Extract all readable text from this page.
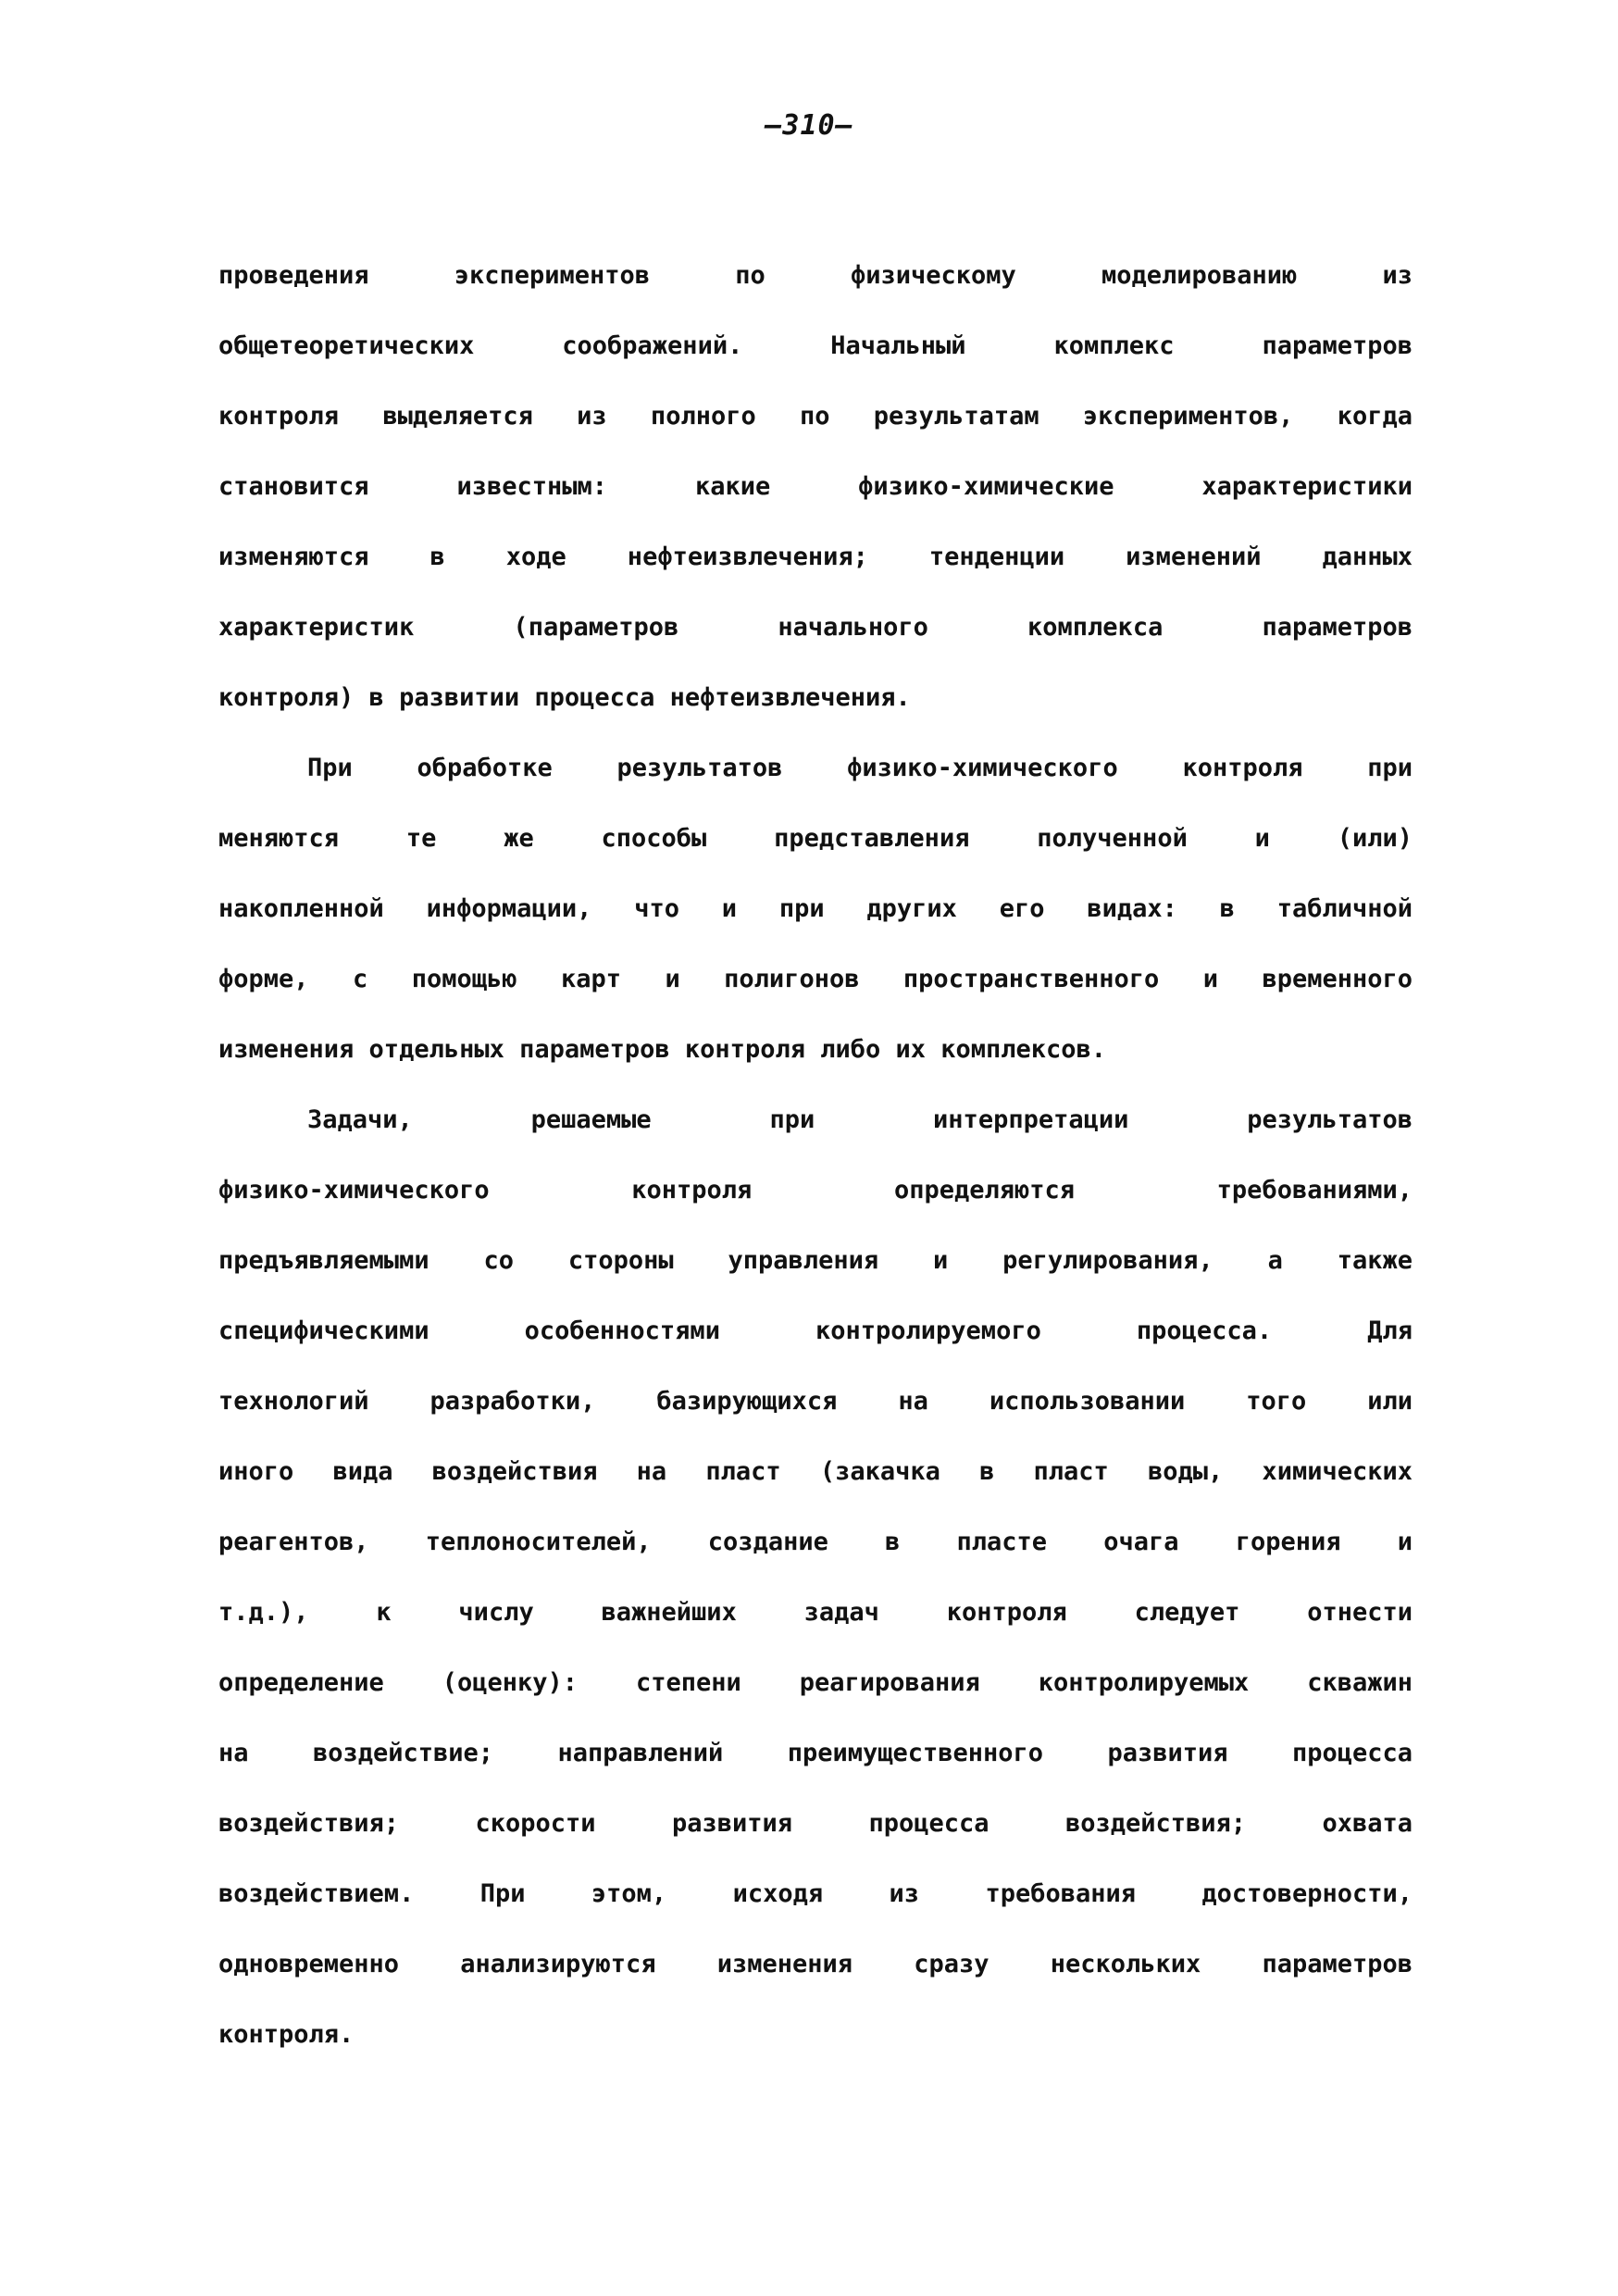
—310—
проведения экспериментов по физическому моделированию из
общетеоретических соображений. Начальный комплекс параметров
контроля выделяется из полного по результатам экспериментов, когда
становится известным: какие физико-химические характеристики
изменяются в ходе нефтеизвлечения; тенденции изменений данных
характеристик (параметров начального комплекса параметров
контроля) в развитии процесса нефтеизвлечения.
При обработке результатов физико-химического контроля при
меняются те же способы представления полученной и (или)
накопленной информации, что и при других его видах: в табличной
форме, с помощью карт и полигонов пространственного и временного
изменения отдельных параметров контроля либо их комплексов.
Задачи, решаемые при интерпретации результатов
физико-химического контроля определяются требованиями,
предъявляемыми со стороны управления и регулирования, а также
специфическими особенностями контролируемого процесса. Для
технологий разработки, базирующихся на использовании того или
иного вида воздействия на пласт (закачка в пласт воды, химических
реагентов, теплоносителей, создание в пласте очага горения и
т.д.), к числу важнейших задач контроля следует отнести
определение (оценку): степени реагирования контролируемых скважин
на воздействие; направлений преимущественного развития процесса
воздействия; скорости развития процесса воздействия; охвата
воздействием. При этом, исходя из требования достоверности,
одновременно анализируются изменения сразу нескольких параметров
контроля.
